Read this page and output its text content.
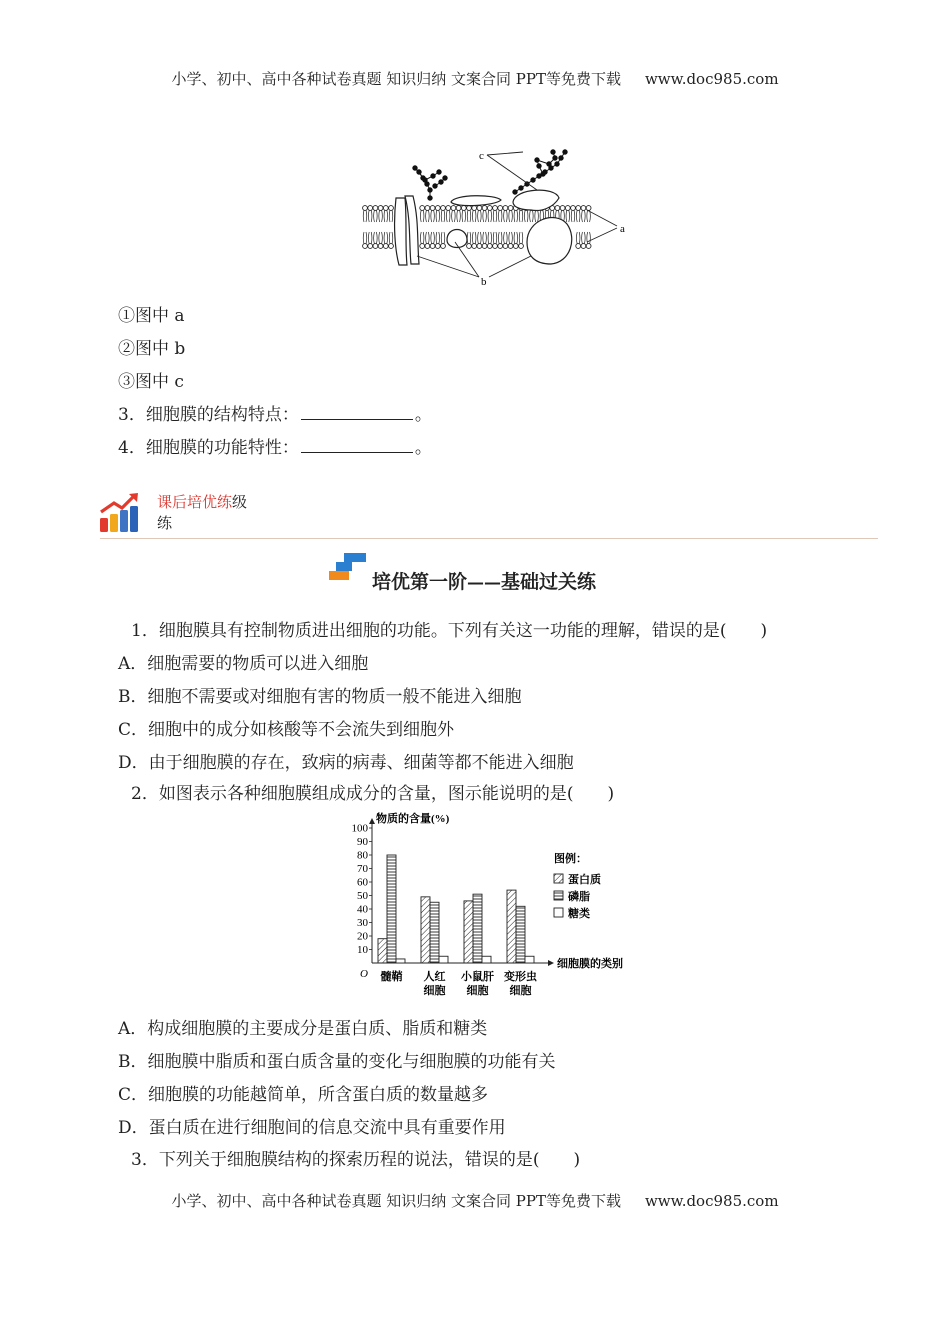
小学、初中、高中各种试卷真题 知识归纳 文案合同 PPT等免费下载 www.doc985.com
c
a
b
①图中 a
②图中 b
③图中 c
3．细胞膜的结构特点：	。
4．细胞膜的功能特性：	。
课后培优练级
练
培优第一阶——基础过关练
1．细胞膜具有控制物质进出细胞的功能。下列有关这一功能的理解，错误的是(　　)
A．细胞需要的物质可以进入细胞
B．细胞不需要或对细胞有害的物质一般不能进入细胞
C．细胞中的成分如核酸等不会流失到细胞外
D．由于细胞膜的存在，致病的病毒、细菌等都不能进入细胞
2．如图表示各种细胞膜组成成分的含量，图示能说明的是(　　)
10
20
30
40
50
60
70
80
90
100
O
物质的含量(%)
细胞膜的类别
髓鞘 人红
细胞
小鼠肝
细胞
变形虫
细胞
图例：
蛋白质
磷脂
糖类
A．构成细胞膜的主要成分是蛋白质、脂质和糖类
B．细胞膜中脂质和蛋白质含量的变化与细胞膜的功能有关
C．细胞膜的功能越简单，所含蛋白质的数量越多
D．蛋白质在进行细胞间的信息交流中具有重要作用
3．下列关于细胞膜结构的探索历程的说法，错误的是(　　)
小学、初中、高中各种试卷真题 知识归纳 文案合同 PPT等免费下载 www.doc985.com
